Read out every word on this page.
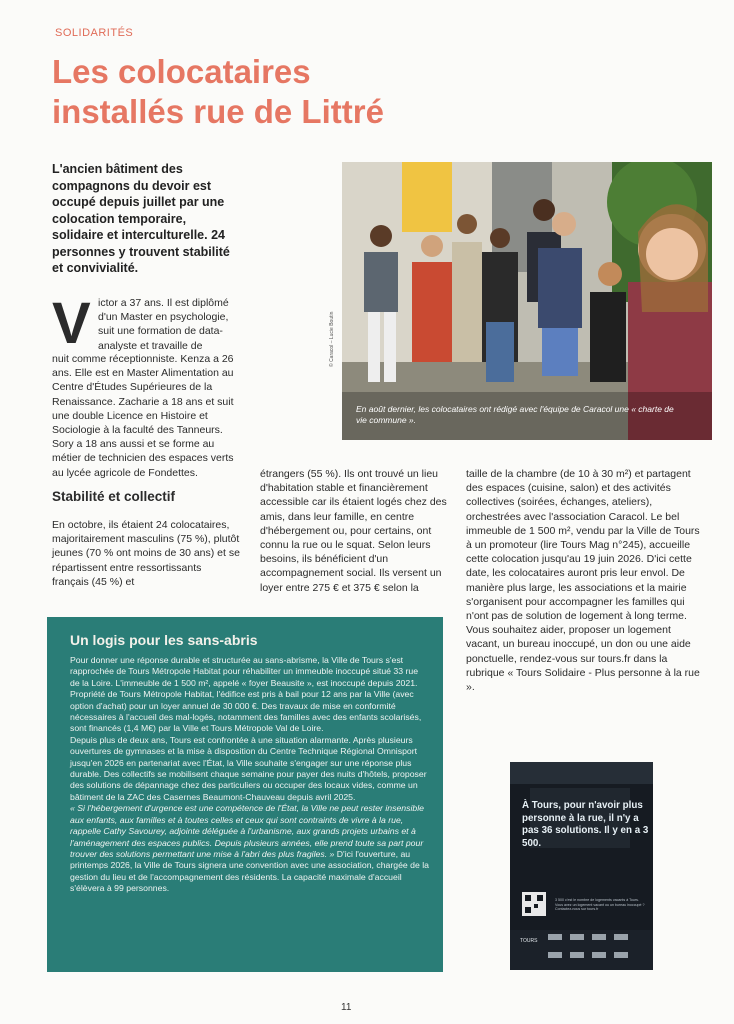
SOLIDARITÉS
Les colocataires
installés rue de Littré
L'ancien bâtiment des compagnons du devoir est occupé depuis juillet par une colocation temporaire, solidaire et interculturelle. 24 personnes y trouvent stabilité et convivialité.
© Caracol – Lucie Boutin
En août dernier, les colocataires ont rédigé avec l'équipe de Caracol une « charte de vie commune ».
V ictor a 37 ans. Il est diplômé d'un Master en psychologie, suit une formation de data-analyste et travaille de
nuit comme réceptionniste. Kenza a 26 ans. Elle est en Master Alimentation au Centre d'Études Supérieures de la Renaissance. Zacharie a 18 ans et suit une double Licence en Histoire et Sociologie à la faculté des Tanneurs. Sory a 18 ans aussi et se forme au métier de technicien des espaces verts au lycée agricole de Fondettes.
Stabilité et collectif
En octobre, ils étaient 24 colocataires, majoritairement masculins (75 %), plutôt jeunes (70 % ont moins de 30 ans) et se répartissent entre ressortissants français (45 %) et
étrangers (55 %). Ils ont trouvé un lieu d'habitation stable et financièrement accessible car ils étaient logés chez des amis, dans leur famille, en centre d'hébergement ou, pour certains, ont connu la rue ou le squat. Selon leurs besoins, ils bénéficient d'un accompagnement social. Ils versent un loyer entre 275 € et 375 € selon la
taille de la chambre (de 10 à 30 m²) et partagent des espaces (cuisine, salon) et des activités collectives (soirées, échanges, ateliers), orchestrées avec l'association Caracol. Le bel immeuble de 1 500 m², vendu par la Ville de Tours à un promoteur (lire Tours Mag n°245), accueille cette colocation jusqu'au 19 juin 2026. D'ici cette date, les colocataires auront pris leur envol. De manière plus large, les associations et la mairie s'organisent pour accompagner les familles qui n'ont pas de solution de logement à long terme. Vous souhaitez aider, proposer un logement vacant, un bureau inoccupé, un don ou une aide ponctuelle, rendez-vous sur tours.fr dans la rubrique « Tours Solidaire - Plus personne à la rue ».
Un logis pour les sans-abris
Pour donner une réponse durable et structurée au sans-abrisme, la Ville de Tours s'est rapprochée de Tours Métropole Habitat pour réhabiliter un immeuble inoccupé situé 33 rue de la Loire. L'immeuble de 1 500 m², appelé « foyer Beausite », est inoccupé depuis 2021. Propriété de Tours Métropole Habitat, l'édifice est pris à bail pour 12 ans par la Ville (avec option d'achat) pour un loyer annuel de 30 000 €. Des travaux de mise en conformité nécessaires à l'accueil des mal-logés, notamment des familles avec des enfants scolarisés, sont financés (1,4 M€) par la Ville et Tours Métropole Val de Loire.
Depuis plus de deux ans, Tours est confrontée à une situation alarmante. Après plusieurs ouvertures de gymnases et la mise à disposition du Centre Technique Régional Omnisport jusqu'en 2026 en partenariat avec l'État, la Ville souhaite s'engager sur une réponse plus durable. Des collectifs se mobilisent chaque semaine pour payer des nuits d'hôtels, proposer des solutions de dépannage chez des particuliers ou occuper des locaux vides, comme un bâtiment de la ZAC des Casernes Beaumont-Chauveau depuis avril 2025.
« Si l'hébergement d'urgence est une compétence de l'État, la Ville ne peut rester insensible aux enfants, aux familles et à toutes celles et ceux qui sont contraints de vivre à la rue, rappelle Cathy Savourey, adjointe déléguée à l'urbanisme, aux grands projets urbains et à l'aménagement des espaces publics. Depuis plusieurs années, elle prend toute sa part pour trouver des solutions permettant une mise à l'abri des plus fragiles. » D'ici l'ouverture, au printemps 2026, la Ville de Tours signera une convention avec une association, chargée de la gestion du lieu et de l'accompagnement des résidents. La capacité maximale d'accueil s'élèvera à 99 personnes.
TOURS
À Tours, pour n'avoir plus personne à la rue, il n'y a pas 36 solutions. Il y en a 3 500.
3 500 c'est le nombre de logements vacants à Tours. Vous avez un logement vacant ou un bureau inoccupé ? Contactez-nous sur tours.fr
11
